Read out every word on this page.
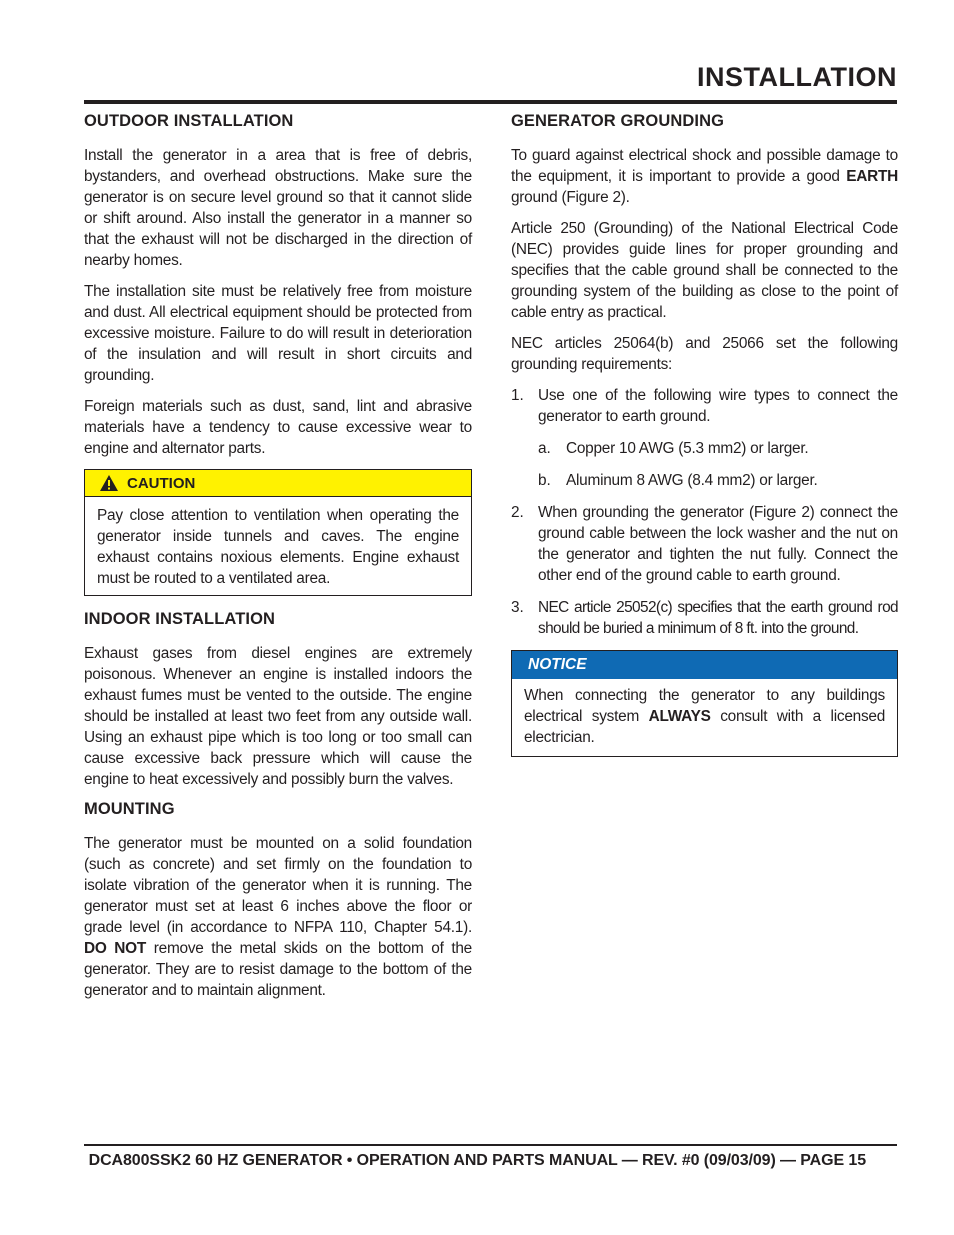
INSTALLATION
OUTDOOR INSTALLATION

Install the generator in a area that is free of debris, bystanders, and overhead obstructions. Make sure the generator is on secure level ground so that it cannot slide or shift around. Also install the generator in a manner so that the exhaust will not be discharged in the direction of nearby homes.

The installation site must be relatively free from moisture and dust. All electrical equipment should be protected from excessive moisture. Failure to do will result in deterioration of the insulation and will result in short circuits and grounding.

Foreign materials such as dust, sand, lint and abrasive materials have a tendency to cause excessive wear to engine and alternator parts.

CAUTION

Pay close attention to ventilation when operating the generator inside tunnels and caves. The engine exhaust contains noxious elements. Engine exhaust must be routed to a ventilated area.

INDOOR INSTALLATION

Exhaust gases from diesel engines are extremely poisonous. Whenever an engine is installed indoors the exhaust fumes must be vented to the outside. The engine should be installed at least two feet from any outside wall. Using an exhaust pipe which is too long or too small can cause excessive back pressure which will cause the engine to heat excessively and possibly burn the valves.

MOUNTING

The generator must be mounted on a solid foundation (such as concrete) and set firmly on the foundation to isolate vibration of the generator when it is running. The generator must set at least 6 inches above the floor or grade level (in accordance to NFPA 110, Chapter 54.1). DO NOT remove the metal skids on the bottom of the generator. They are to resist damage to the bottom of the generator and to maintain alignment.

GENERATOR GROUNDING

To guard against electrical shock and possible damage to the equipment, it is important to provide a good EARTH ground (Figure 2).

Article 250 (Grounding) of the National Electrical Code (NEC) provides guide lines for proper grounding and specifies that the cable ground shall be connected to the grounding system of the building as close to the point of cable entry as practical.

NEC articles 25064(b) and 25066 set the following grounding requirements:

1. Use one of the following wire types to connect the generator to earth ground.
a. Copper 10 AWG (5.3 mm2) or larger.
b. Aluminum 8 AWG (8.4 mm2) or larger.
2. When grounding the generator (Figure 2) connect the ground cable between the lock washer and the nut on the generator and tighten the nut fully. Connect the other end of the ground cable to earth ground.
3. NEC article 25052(c) specifies that the earth ground rod should be buried a minimum of 8 ft. into the ground.
NOTICE

When connecting the generator to any buildings electrical system ALWAYS consult with a licensed electrician.

DCA800SSK2 60 HZ GENERATOR • OPERATION AND PARTS MANUAL — REV. #0 (09/03/09) — PAGE 15
